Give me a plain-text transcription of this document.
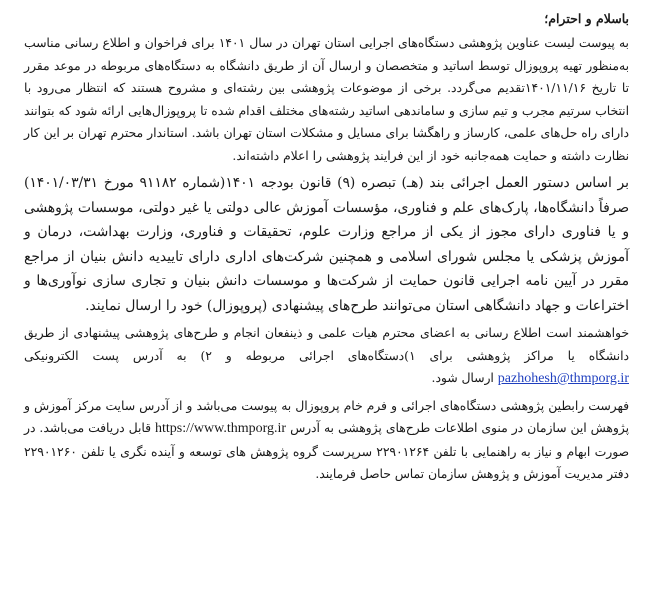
باسلام و احترام؛

به پیوست لیست عناوین پژوهشی دستگاه‌های اجرایی استان تهران در سال ۱۴۰۱ برای فراخوان و اطلاع رسانی مناسب به‌منظور تهیه پروپوزال توسط اساتید و متخصصان و ارسال آن از طریق دانشگاه به دستگاه‌های مربوطه در موعد مقرر تا تاریخ ۱۴۰۱/۱۱/۱۶تقدیم می‌گردد. برخی از موضوعات پژوهشی بین رشته‌ای و مشروح هستند که انتظار می‌رود با انتخاب سرتیم مجرب و تیم سازی و ساماندهی اساتید رشته‌های مختلف اقدام شده تا پروپوزال‌هایی ارائه شود که بتوانند دارای راه حل‌های علمی، کارساز و راهگشا برای مسایل و مشکلات استان تهران باشد. استاندار محترم تهران بر این کار نظارت داشته و حمایت همه‌جانبه خود از این فرایند پژوهشی را اعلام داشته‌اند.

بر اساس دستور العمل اجرائی بند (هـ) تبصره (۹) قانون بودجه ۱۴۰۱(شماره ۹۱۱۸۲ مورخ ۱۴۰۱/۰۳/۳۱) صرفاً دانشگاه‌ها، پارک‌های علم و فناوری، مؤسسات آموزش عالی دولتی یا غیر دولتی، موسسات پژوهشی و یا فناوری دارای مجوز از یکی از مراجع وزارت علوم، تحقیقات و فناوری، وزارت بهداشت، درمان و آموزش پزشکی یا مجلس شورای اسلامی و همچنین شرکت‌های اداری دارای تاییدیه دانش بنیان از مراجع مقرر در آیین نامه اجرایی قانون حمایت از شرکت‌ها و موسسات دانش بنیان و تجاری سازی نوآوری‌ها و اختراعات و جهاد دانشگاهی استان می‌توانند طرح‌های پیشنهادی (پروپوزال) خود را ارسال نمایند.

خواهشمند است اطلاع رسانی به اعضای محترم هیات علمی و ذینفعان انجام و طرح‌های پژوهشی پیشنهادی از طریق دانشگاه یا مراکز پژوهشی برای ۱)دستگاه‌های اجرائی مربوطه و ۲) به آدرس پست الکترونیکی pazhohesh@thmporg.ir ارسال شود.

فهرست رابطین پژوهشی دستگاه‌های اجرائی و فرم خام پروپوزال به پیوست می‌باشد و از آدرس سایت مرکز آموزش و پژوهش این سازمان در منوی اطلاعات طرح‌های پژوهشی به آدرس https://www.thmporg.ir قابل دریافت می‌باشد. در صورت ابهام و نیاز به راهنمایی با تلفن ۲۲۹۰۱۲۶۴ سرپرست گروه پژوهش های توسعه و آینده نگری یا تلفن ۲۲۹۰۱۲۶۰ دفتر مدیریت آموزش و پژوهش سازمان تماس حاصل فرمایند.
